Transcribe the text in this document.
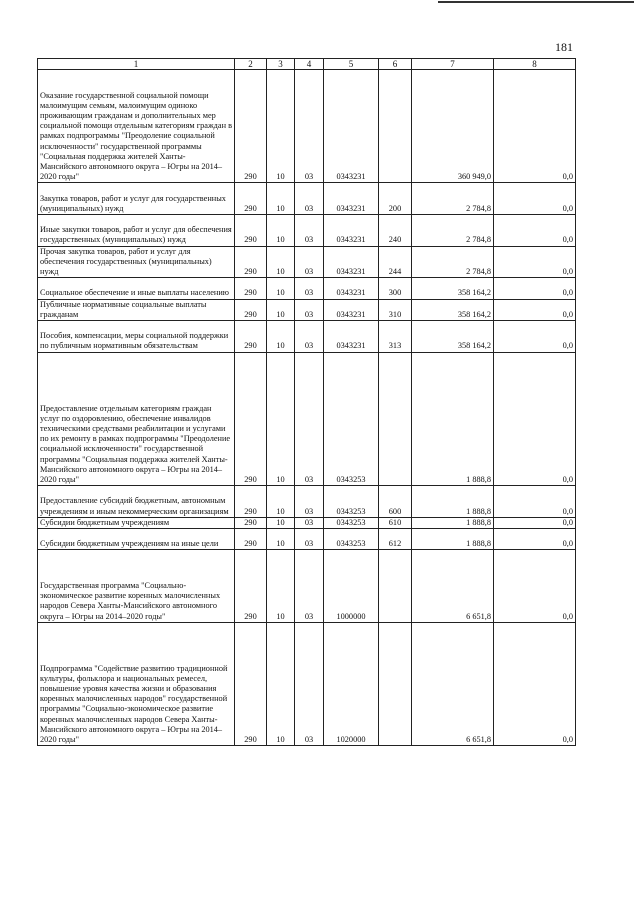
181
1	2	3	4	5	6	7	8
Оказание государственной социальной помощи малоимущим семьям, малоимущим одиноко проживающим гражданам и дополнительных мер социальной помощи отдельным категориям граждан в рамках подпрограммы "Преодоление социальной исключенности" государственной программы "Социальная поддержка жителей Ханты-Мансийского автономного округа – Югры на 2014–2020 годы"	290	10	03	0343231		360 949,0	0,0
Закупка товаров, работ и услуг для государственных (муниципальных) нужд	290	10	03	0343231	200	2 784,8	0,0
Иные закупки товаров, работ и услуг для обеспечения государственных (муниципальных) нужд	290	10	03	0343231	240	2 784,8	0,0
Прочая закупка товаров, работ и услуг для обеспечения государственных (муниципальных) нужд	290	10	03	0343231	244	2 784,8	0,0
Социальное обеспечение и иные выплаты населению	290	10	03	0343231	300	358 164,2	0,0
Публичные нормативные социальные выплаты гражданам	290	10	03	0343231	310	358 164,2	0,0
Пособия, компенсации, меры социальной поддержки по публичным нормативным обязательствам	290	10	03	0343231	313	358 164,2	0,0
Предоставление отдельным категориям граждан услуг по оздоровлению, обеспечение инвалидов техническими средствами реабилитации и услугами по их ремонту в рамках подпрограммы "Преодоление социальной исключенности" государственной программы "Социальная поддержка жителей Ханты-Мансийского автономного округа – Югры на 2014–2020 годы"	290	10	03	0343253		1 888,8	0,0
Предоставление субсидий бюджетным, автономным учреждениям и иным некоммерческим организациям	290	10	03	0343253	600	1 888,8	0,0
Субсидии бюджетным учреждениям	290	10	03	0343253	610	1 888,8	0,0
Субсидии бюджетным учреждениям на иные цели	290	10	03	0343253	612	1 888,8	0,0
Государственная программа "Социально-экономическое развитие коренных малочисленных народов Севера Ханты-Мансийского автономного округа – Югры на 2014–2020 годы"	290	10	03	1000000		6 651,8	0,0
Подпрограмма "Содействие развитию традиционной культуры, фольклора и национальных ремесел, повышение уровня качества жизни и образования коренных малочисленных народов" государственной программы "Социально-экономическое развитие коренных малочисленных народов Севера Ханты-Мансийского автономного округа – Югры на 2014–2020 годы"	290	10	03	1020000		6 651,8	0,0
